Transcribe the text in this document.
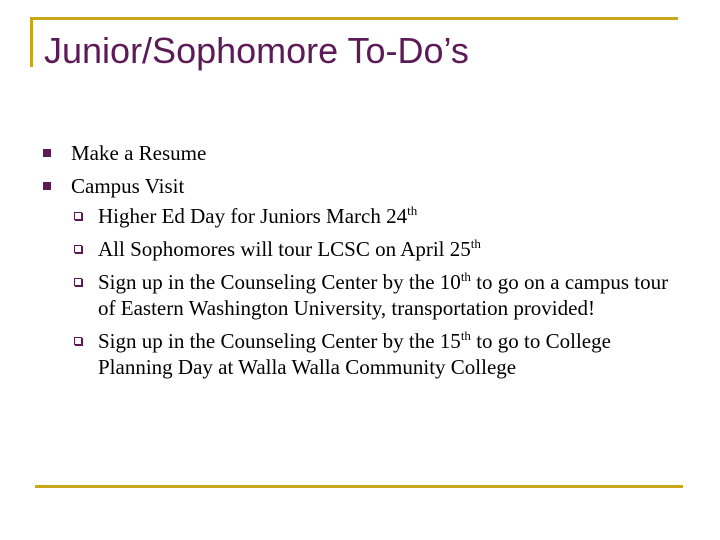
Junior/Sophomore To-Do’s
Make a Resume
Campus Visit
Higher Ed Day for Juniors March 24th
All Sophomores will tour LCSC on April 25th
Sign up in the Counseling Center by the 10th to go on a campus tour of Eastern Washington University, transportation provided!
Sign up in the Counseling Center by the 15th to go to College Planning Day at Walla Walla Community College
